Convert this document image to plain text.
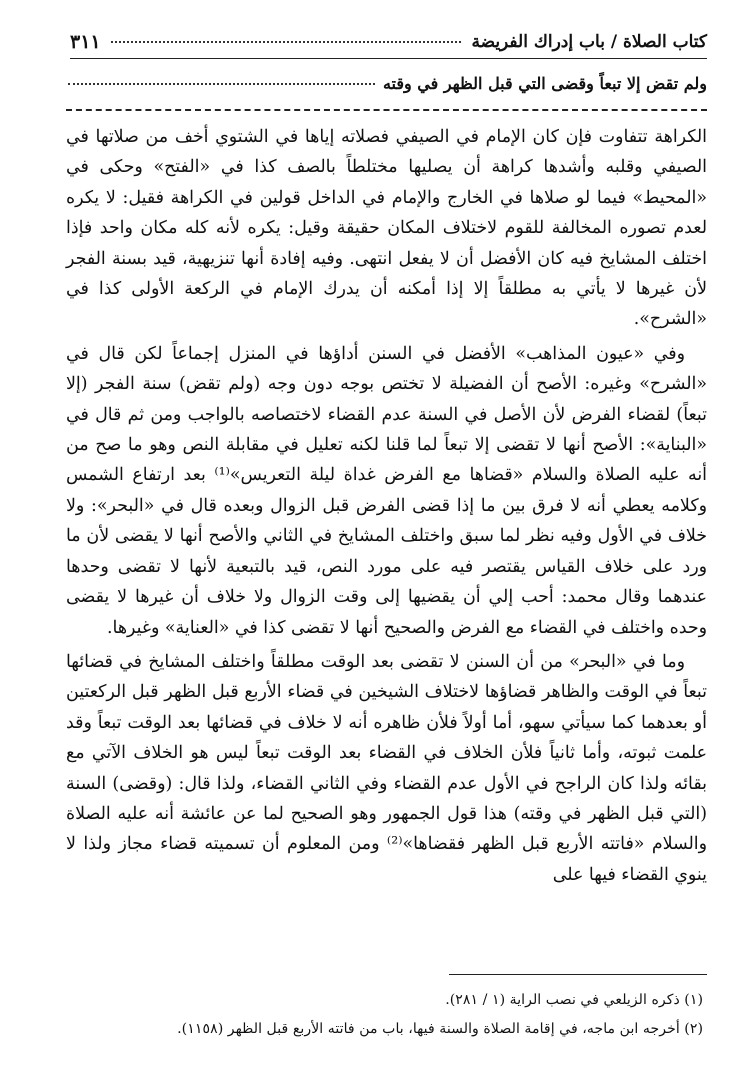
كتاب الصلاة / باب إدراك الفريضة
٣١١
ولم تقض إلا تبعاً وقضى التي قبل الظهر في وقته

الكراهة تتفاوت فإن كان الإمام في الصيفي فصلاته إياها في الشتوي أخف من صلاتها في الصيفي وقلبه وأشدها كراهة أن يصليها مختلطاً بالصف كذا في «الفتح» وحكى في «المحيط» فيما لو صلاها في الخارج والإمام في الداخل قولين في الكراهة فقيل: لا يكره لعدم تصوره المخالفة للقوم لاختلاف المكان حقيقة وقيل: يكره لأنه كله مكان واحد فإذا اختلف المشايخ فيه كان الأفضل أن لا يفعل انتهى. وفيه إفادة أنها تنزيهية، قيد بسنة الفجر لأن غيرها لا يأتي به مطلقاً إلا إذا أمكنه أن يدرك الإمام في الركعة الأولى كذا في «الشرح».

وفي «عيون المذاهب» الأفضل في السنن أداؤها في المنزل إجماعاً لكن قال في «الشرح» وغيره: الأصح أن الفضيلة لا تختص بوجه دون وجه (ولم تقض) سنة الفجر (إلا تبعاً) لقضاء الفرض لأن الأصل في السنة عدم القضاء لاختصاصه بالواجب ومن ثم قال في «البناية»: الأصح أنها لا تقضى إلا تبعاً لما قلنا لكنه تعليل في مقابلة النص وهو ما صح من أنه عليه الصلاة والسلام «قضاها مع الفرض غداة ليلة التعريس»⁽¹⁾ بعد ارتفاع الشمس وكلامه يعطي أنه لا فرق بين ما إذا قضى الفرض قبل الزوال وبعده قال في «البحر»: ولا خلاف في الأول وفيه نظر لما سبق واختلف المشايخ في الثاني والأصح أنها لا يقضى لأن ما ورد على خلاف القياس يقتصر فيه على مورد النص، قيد بالتبعية لأنها لا تقضى وحدها عندهما وقال محمد: أحب إلي أن يقضيها إلى وقت الزوال ولا خلاف أن غيرها لا يقضى وحده واختلف في القضاء مع الفرض والصحيح أنها لا تقضى كذا في «العناية» وغيرها.

وما في «البحر» من أن السنن لا تقضى بعد الوقت مطلقاً واختلف المشايخ في قضائها تبعاً في الوقت والظاهر قضاؤها لاختلاف الشيخين في قضاء الأربع قبل الظهر قبل الركعتين أو بعدهما كما سيأتي سهو، أما أولاً فلأن ظاهره أنه لا خلاف في قضائها بعد الوقت تبعاً وقد علمت ثبوته، وأما ثانياً فلأن الخلاف في القضاء بعد الوقت تبعاً ليس هو الخلاف الآتي مع بقائه ولذا كان الراجح في الأول عدم القضاء وفي الثاني القضاء، ولذا قال: (وقضى) السنة (التي قبل الظهر في وقته) هذا قول الجمهور وهو الصحيح لما عن عائشة أنه عليه الصلاة والسلام «فاتته الأربع قبل الظهر فقضاها»⁽²⁾ ومن المعلوم أن تسميته قضاء مجاز ولذا لا ينوي القضاء فيها على

(١) ذكره الزيلعي في نصب الراية (١ / ٢٨١).
(٢) أخرجه ابن ماجه، في إقامة الصلاة والسنة فيها، باب من فاتته الأربع قبل الظهر (١١٥٨).
